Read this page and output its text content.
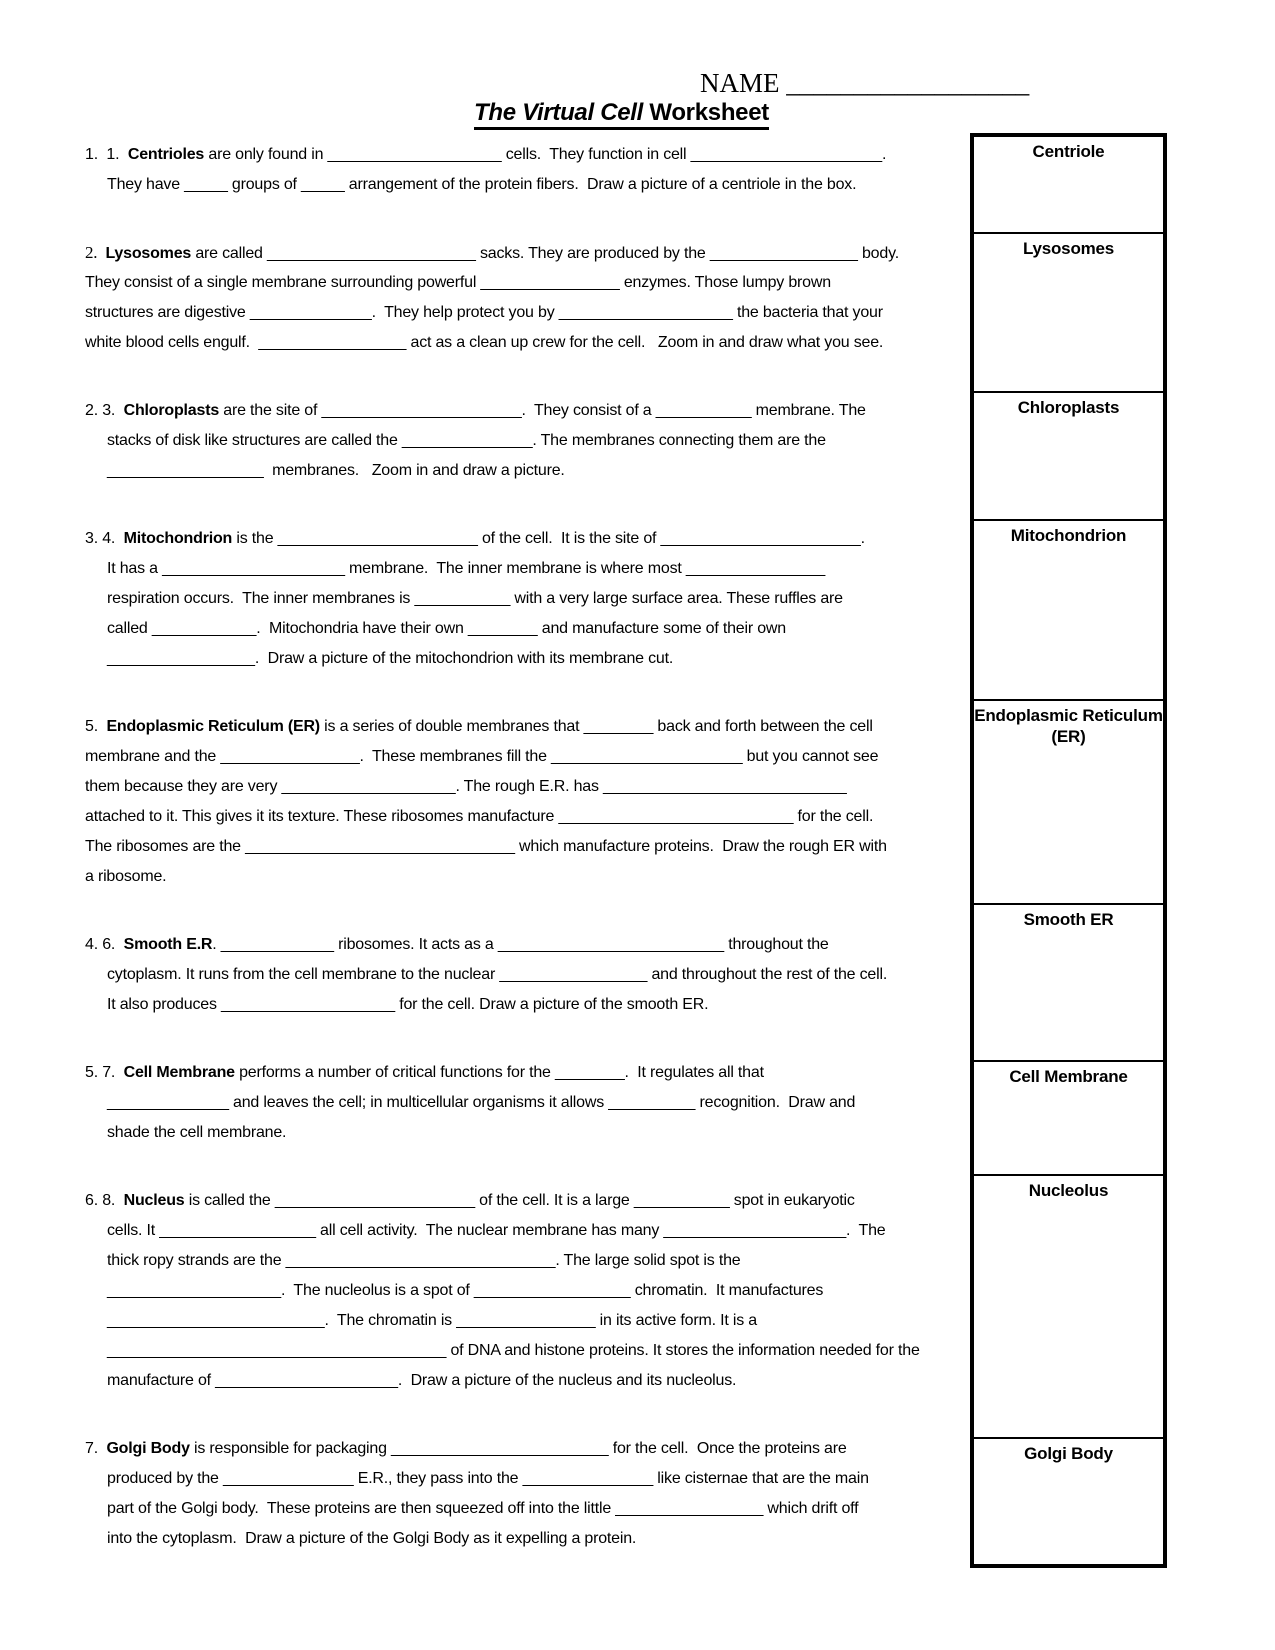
NAME __________________
The Virtual Cell Worksheet
1.  1.  Centrioles are only found in ____________________ cells.  They function in cell ______________________.
They have _____ groups of _____ arrangement of the protein fibers.  Draw a picture of a centriole in the box.
2.  Lysosomes are called ________________________ sacks. They are produced by the _________________ body.
They consist of a single membrane surrounding powerful ________________ enzymes. Those lumpy brown
structures are digestive ______________.  They help protect you by ____________________ the bacteria that your
white blood cells engulf.  _________________ act as a clean up crew for the cell.   Zoom in and draw what you see.
2. 3.  Chloroplasts are the site of _______________________.  They consist of a ___________ membrane. The
stacks of disk like structures are called the _______________. The membranes connecting them are the
__________________  membranes.   Zoom in and draw a picture.
3. 4.  Mitochondrion is the _______________________ of the cell.  It is the site of _______________________.
It has a _____________________ membrane.  The inner membrane is where most ________________
respiration occurs.  The inner membranes is ___________ with a very large surface area. These ruffles are
called ____________.  Mitochondria have their own ________ and manufacture some of their own
_________________.  Draw a picture of the mitochondrion with its membrane cut.
5.  Endoplasmic Reticulum (ER) is a series of double membranes that ________ back and forth between the cell
membrane and the ________________.  These membranes fill the ______________________ but you cannot see
them because they are very ____________________. The rough E.R. has ____________________________
attached to it. This gives it its texture. These ribosomes manufacture ___________________________ for the cell.
The ribosomes are the _______________________________ which manufacture proteins.  Draw the rough ER with
a ribosome.
4. 6.  Smooth E.R. _____________ ribosomes. It acts as a __________________________ throughout the
cytoplasm. It runs from the cell membrane to the nuclear _________________ and throughout the rest of the cell.
It also produces ____________________ for the cell. Draw a picture of the smooth ER.
5. 7.  Cell Membrane performs a number of critical functions for the ________.  It regulates all that
______________ and leaves the cell; in multicellular organisms it allows __________ recognition.  Draw and
shade the cell membrane.
6. 8.  Nucleus is called the _______________________ of the cell. It is a large ___________ spot in eukaryotic
cells. It __________________ all cell activity.  The nuclear membrane has many _____________________.  The
thick ropy strands are the _______________________________. The large solid spot is the
____________________.  The nucleolus is a spot of __________________ chromatin.  It manufactures
_________________________.  The chromatin is ________________ in its active form. It is a
_______________________________________ of DNA and histone proteins. It stores the information needed for the
manufacture of _____________________.  Draw a picture of the nucleus and its nucleolus.
7.  Golgi Body is responsible for packaging _________________________ for the cell.  Once the proteins are
produced by the _______________ E.R., they pass into the _______________ like cisternae that are the main
part of the Golgi body.  These proteins are then squeezed off into the little _________________ which drift off
into the cytoplasm.  Draw a picture of the Golgi Body as it expelling a protein.
Centriole
Lysosomes
Chloroplasts
Mitochondrion
Endoplasmic Reticulum (ER)
Smooth ER
Cell Membrane
Nucleolus
Golgi Body
